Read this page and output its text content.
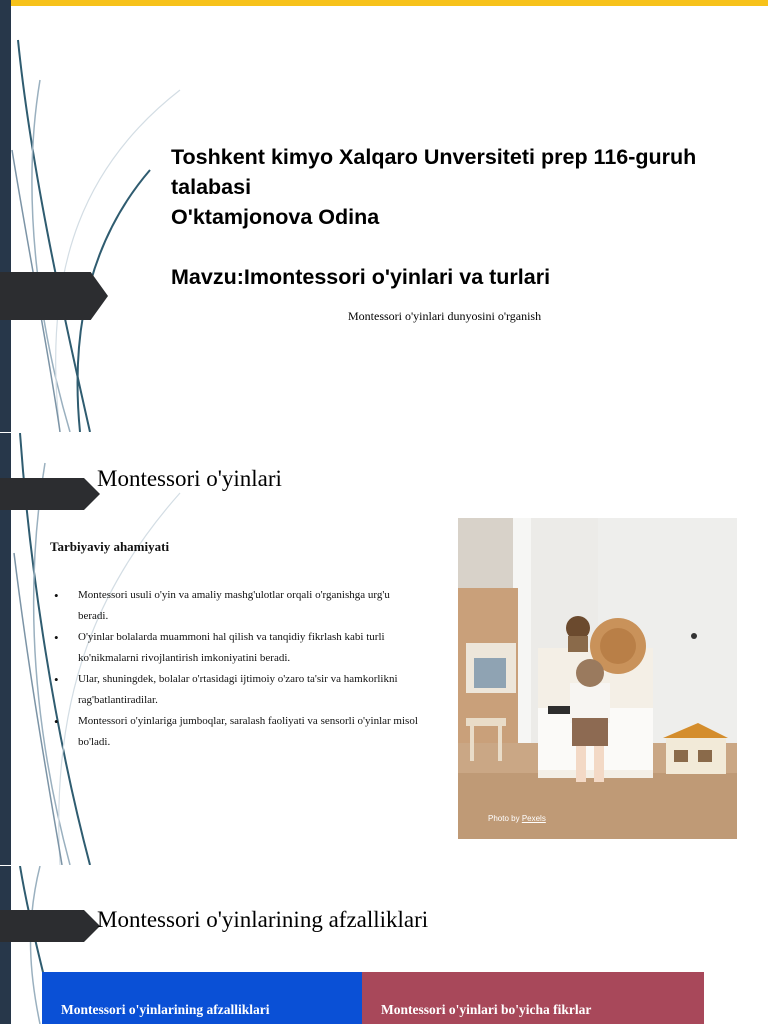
Toshkent kimyo Xalqaro Unversiteti prep 116-guruh
talabasi
O'ktamjonova Odina
Mavzu:Imontessori o'yinlari va turlari
Montessori o'yinlari dunyosini o'rganish
Montessori o'yinlari
Tarbiyaviy ahamiyati
• Montessori usuli o'yin va amaliy mashg'ulotlar orqali o'rganishga urg'u beradi.
• O'yinlar bolalarda muammoni hal qilish va tanqidiy fikrlash kabi turli ko'nikmalarni rivojlantirish imkoniyatini beradi.
• Ular, shuningdek, bolalar o'rtasidagi ijtimoiy o'zaro ta'sir va hamkorlikni rag'batlantiradilar.
• Montessori o'yinlariga jumboqlar, saralash faoliyati va sensorli o'yinlar misol bo'ladi.
Photo by Pexels
Montessori o'yinlarining afzalliklari
Montessori o'yinlarining afzalliklari	Montessori o'yinlari bo'yicha fikrlar
